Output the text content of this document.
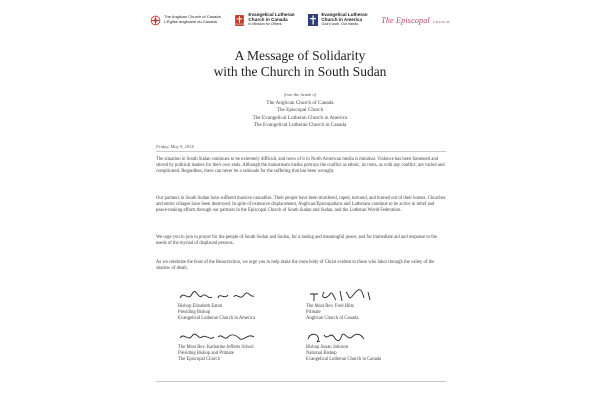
The Anglican Church of Canada
L'Église anglicane du Canada
Evangelical Lutheran
Church in Canada
In Mission for Others
Evangelical Lutheran
Church in America
God's work. Our hands.	The Episcopal CHURCH
A Message of Solidarity
with the Church in South Sudan
from the heads of
The Anglican Church of Canada
The Episcopal Church
The Evangelical Lutheran Church in America
The Evangelical Lutheran Church in Canada
Friday, May 9, 2014

The situation in South Sudan continues to be extremely difficult, and news of it in North American media is minimal. Violence has been fomented and stirred by political leaders for their own ends. Although the mainstream media portrays the conflict as ethnic, its roots, as with any conflict, are varied and complicated. Regardless, there can never be a rationale for the suffering that has been wrought.

Our partners in South Sudan have suffered massive casualties. Their people have been murdered, raped, tortured, and burned out of their homes. Churches and entire villages have been destroyed. In spite of extensive displacement, Anglican/Episcopalians and Lutherans continue to be active in relief and peace-making efforts through our partners in the Episcopal Church of South Sudan and Sudan, and the Lutheran World Federation.

We urge you to join in prayer for the people of South Sudan and Sudan, for a lasting and meaningful peace, and for immediate aid and response to the needs of the myriad of displaced persons.

As we celebrate the feast of the Resurrection, we urge you to help make the risen body of Christ evident to those who labor through the valley of the shadow of death.

Bishop Elizabeth Eaton
Presiding Bishop
Evangelical Lutheran Church in America
The Most Rev. Fred Hiltz
Primate
Anglican Church of Canada
The Most Rev. Katharine Jefferts Schori
Presiding Bishop and Primate
The Episcopal Church
Bishop Susan Johnson
National Bishop
Evangelical Lutheran Church in Canada
